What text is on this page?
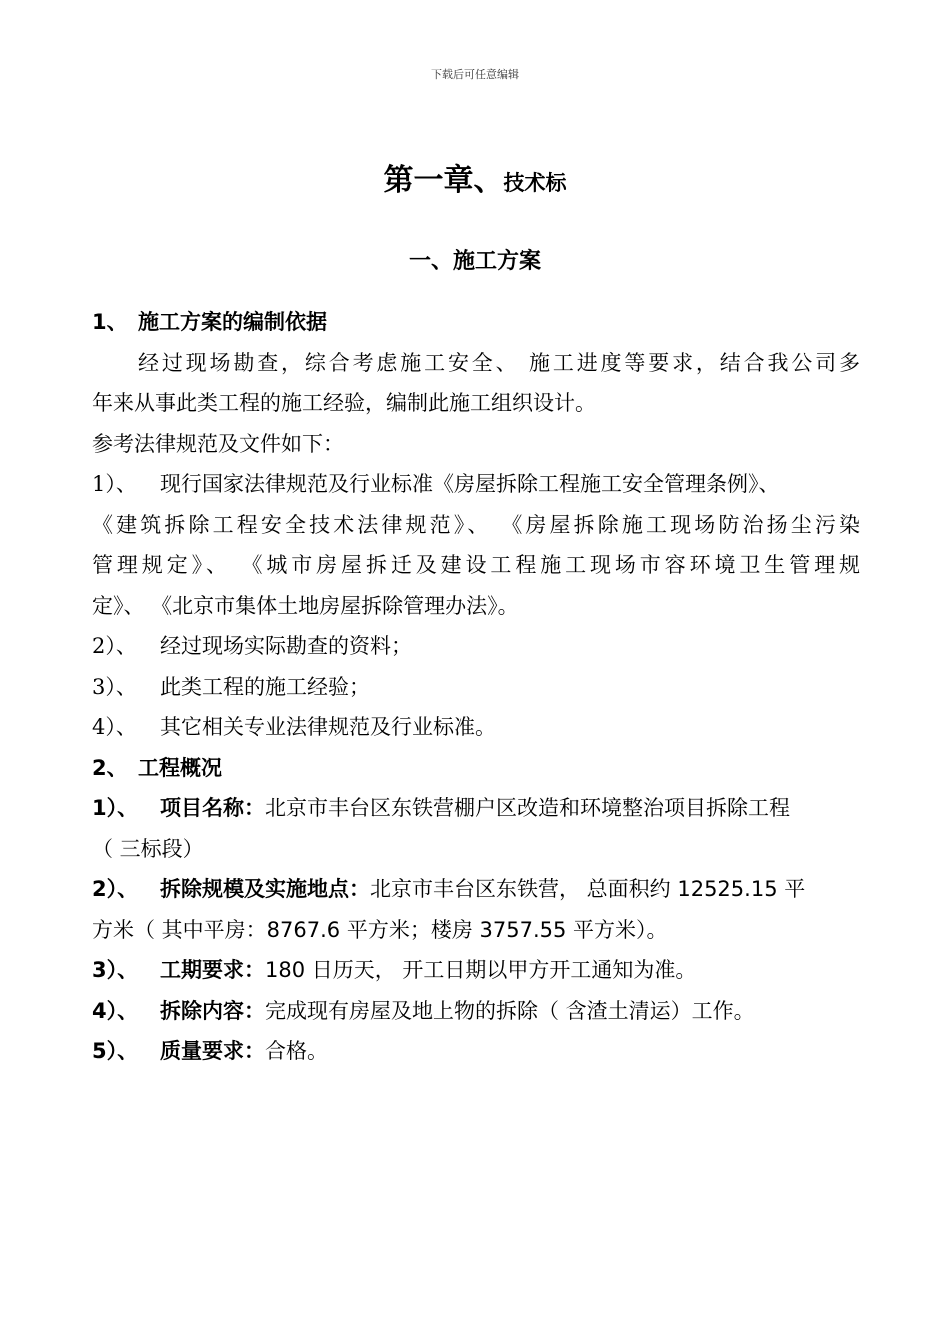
下载后可任意编辑
第一章、技术标
一、施工方案
1、 施工方案的编制依据
经过现场勘查，综合考虑施工安全、 施工进度等要求，结合我公司多
年来从事此类工程的施工经验，编制此施工组织设计。
参考法律规范及文件如下：
1）、 现行国家法律规范及行业标准《房屋拆除工程施工安全管理条例》、
《建筑拆除工程安全技术法律规范》、 《房屋拆除施工现场防治扬尘污染
管理规定》、 《城市房屋拆迁及建设工程施工现场市容环境卫生管理规
定》、 《北京市集体土地房屋拆除管理办法》。
2）、 经过现场实际勘查的资料；
3）、 此类工程的施工经验；
4）、 其它相关专业法律规范及行业标准。
2、 工程概况
1）、 项目名称：北京市丰台区东铁营棚户区改造和环境整治项目拆除工程
（ 三标段）
2）、 拆除规模及实施地点：北京市丰台区东铁营， 总面积约 12525.15 平
方米（ 其中平房：8767.6 平方米；楼房 3757.55 平方米）。
3）、 工期要求：180 日历天， 开工日期以甲方开工通知为准。
4）、 拆除内容：完成现有房屋及地上物的拆除（ 含渣土清运）工作。
5）、 质量要求：合格。
